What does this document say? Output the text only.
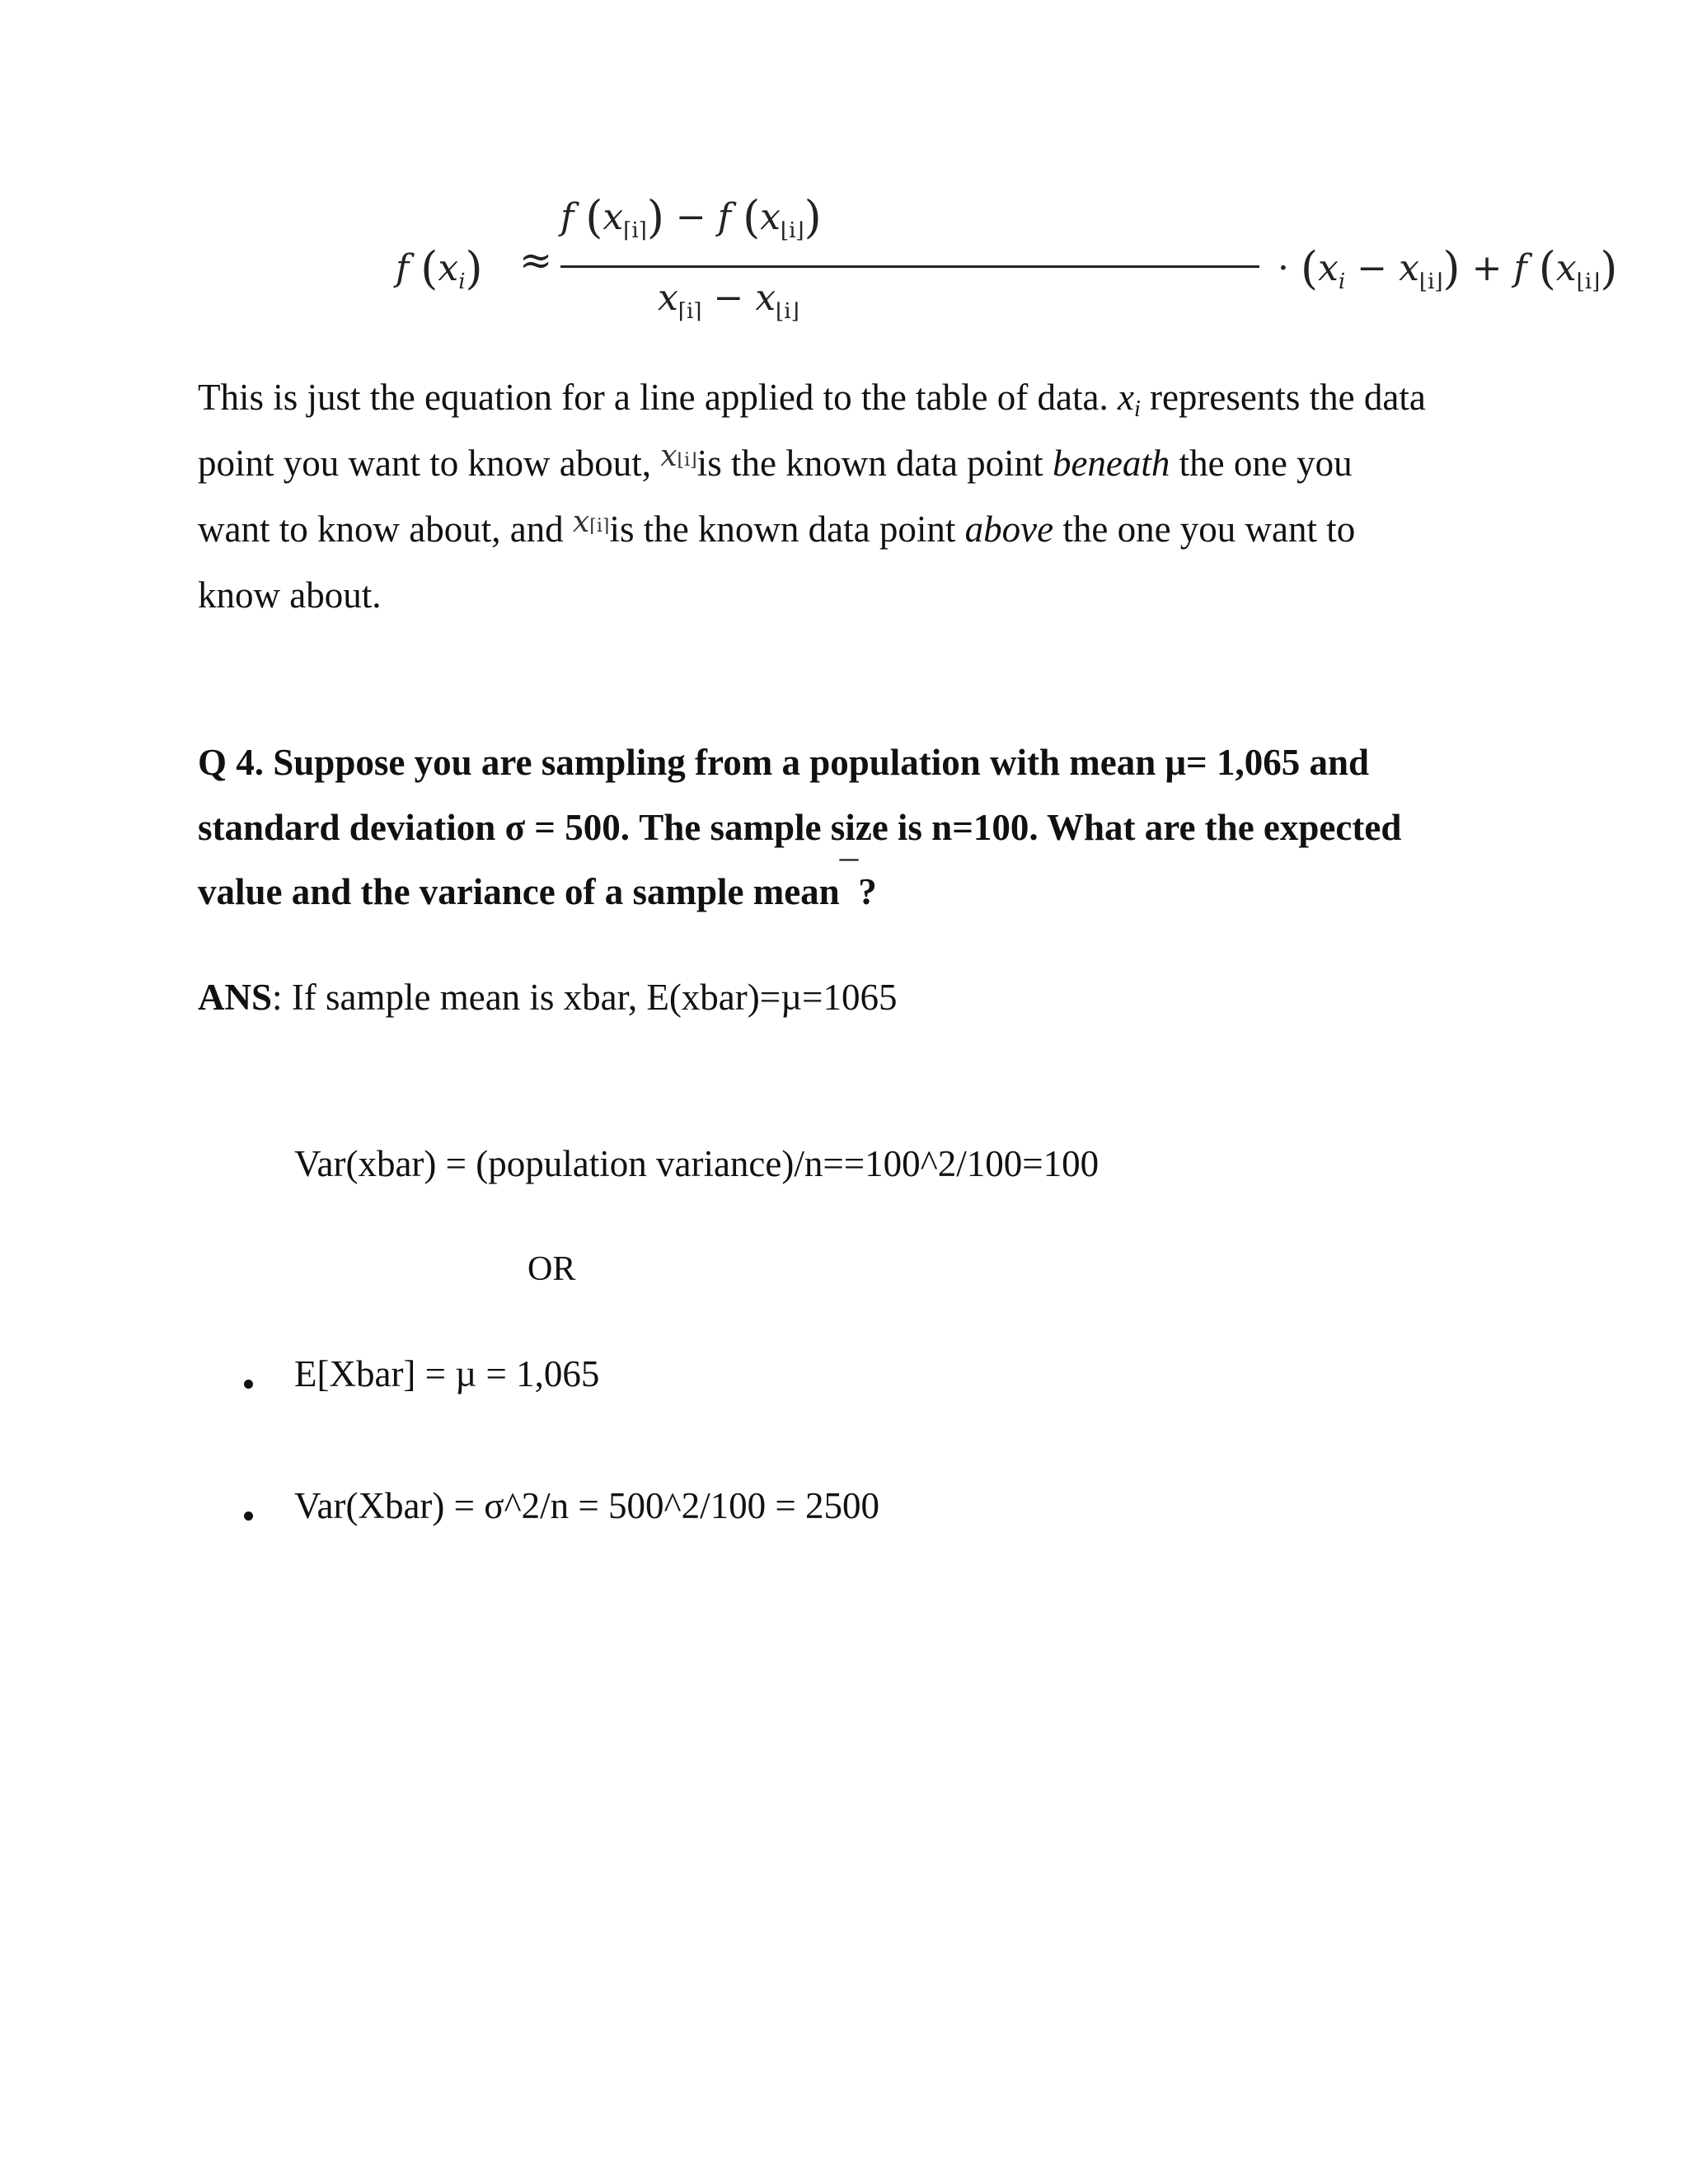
f $(x_i)$ ≈
f $(x_{⌈i⌉}) - f$ $(x_{⌊i⌋})$
$x_{⌈i⌉} - x_{⌊i⌋}$
· $(x_i - x_{⌊i⌋}) + f$ $(x_{⌊i⌋})$
This is just the equation for a line applied to the table of data. xi represents the data
point you want to know about, $^{x⌊i⌋}$is the known data point beneath the one you
want to know about, and $^{x⌈i⌉}$is the known data point above the one you want to
know about.
Q 4. Suppose you are sampling from a population with mean μ= 1,065 and
standard deviation σ = 500. The sample size is n=100. What are the expected
value and the variance of a sample mean¯?
ANS: If sample mean is xbar, E(xbar)=µ=1065
Var(xbar) = (population variance)/n==100^2/100=100
OR
E[Xbar] = µ = 1,065
Var(Xbar) = σ^2/n = 500^2/100 = 2500
